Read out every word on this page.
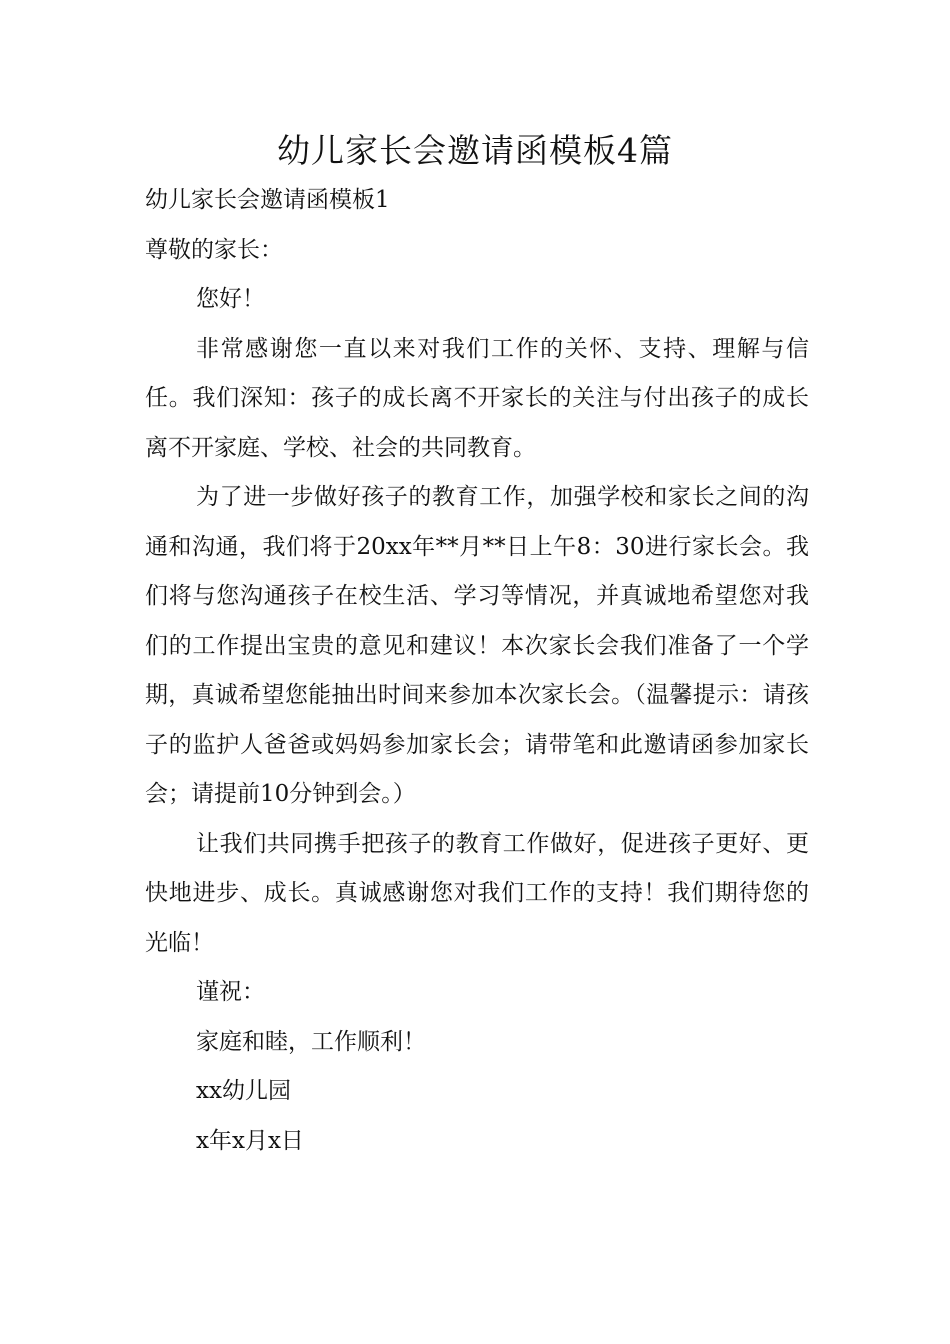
幼儿家长会邀请函模板4篇
幼儿家长会邀请函模板1
尊敬的家长：
您好！

非常感谢您一直以来对我们工作的关怀、支持、理解与信任。我们深知：孩子的成长离不开家长的关注与付出孩子的成长离不开家庭、学校、社会的共同教育。

为了进一步做好孩子的教育工作，加强学校和家长之间的沟通和沟通，我们将于20xx年**月**日上午8：30进行家长会。我们将与您沟通孩子在校生活、学习等情况，并真诚地希望您对我们的工作提出宝贵的意见和建议！本次家长会我们准备了一个学期，真诚希望您能抽出时间来参加本次家长会。（温馨提示：请孩子的监护人爸爸或妈妈参加家长会；请带笔和此邀请函参加家长会；请提前10分钟到会。）

让我们共同携手把孩子的教育工作做好，促进孩子更好、更快地进步、成长。真诚感谢您对我们工作的支持！我们期待您的光临！

谨祝：
家庭和睦，工作顺利！
xx幼儿园
x年x月x日
